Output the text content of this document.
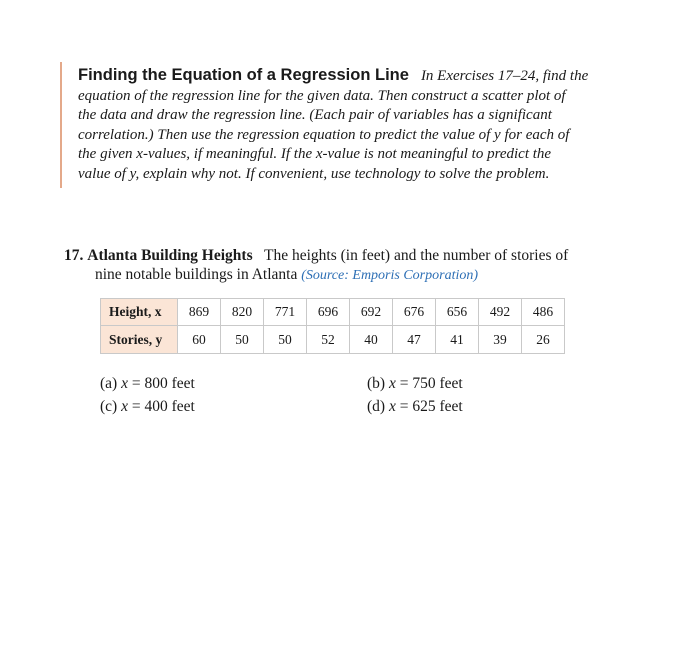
Finding the Equation of a Regression Line In Exercises 17–24, find the
equation of the regression line for the given data. Then construct a scatter plot of
the data and draw the regression line. (Each pair of variables has a significant
correlation.) Then use the regression equation to predict the value of y for each of
the given x-values, if meaningful. If the x-value is not meaningful to predict the
value of y, explain why not. If convenient, use technology to solve the problem.
17. Atlanta Building Heights The heights (in feet) and the number of stories of
nine notable buildings in Atlanta (Source: Emporis Corporation)
Height, x	869	820	771	696	692	676	656	492	486
Stories, y	60	50	50	52	40	47	41	39	26
(a) x = 800 feet	(b) x = 750 feet
(c) x = 400 feet	(d) x = 625 feet
